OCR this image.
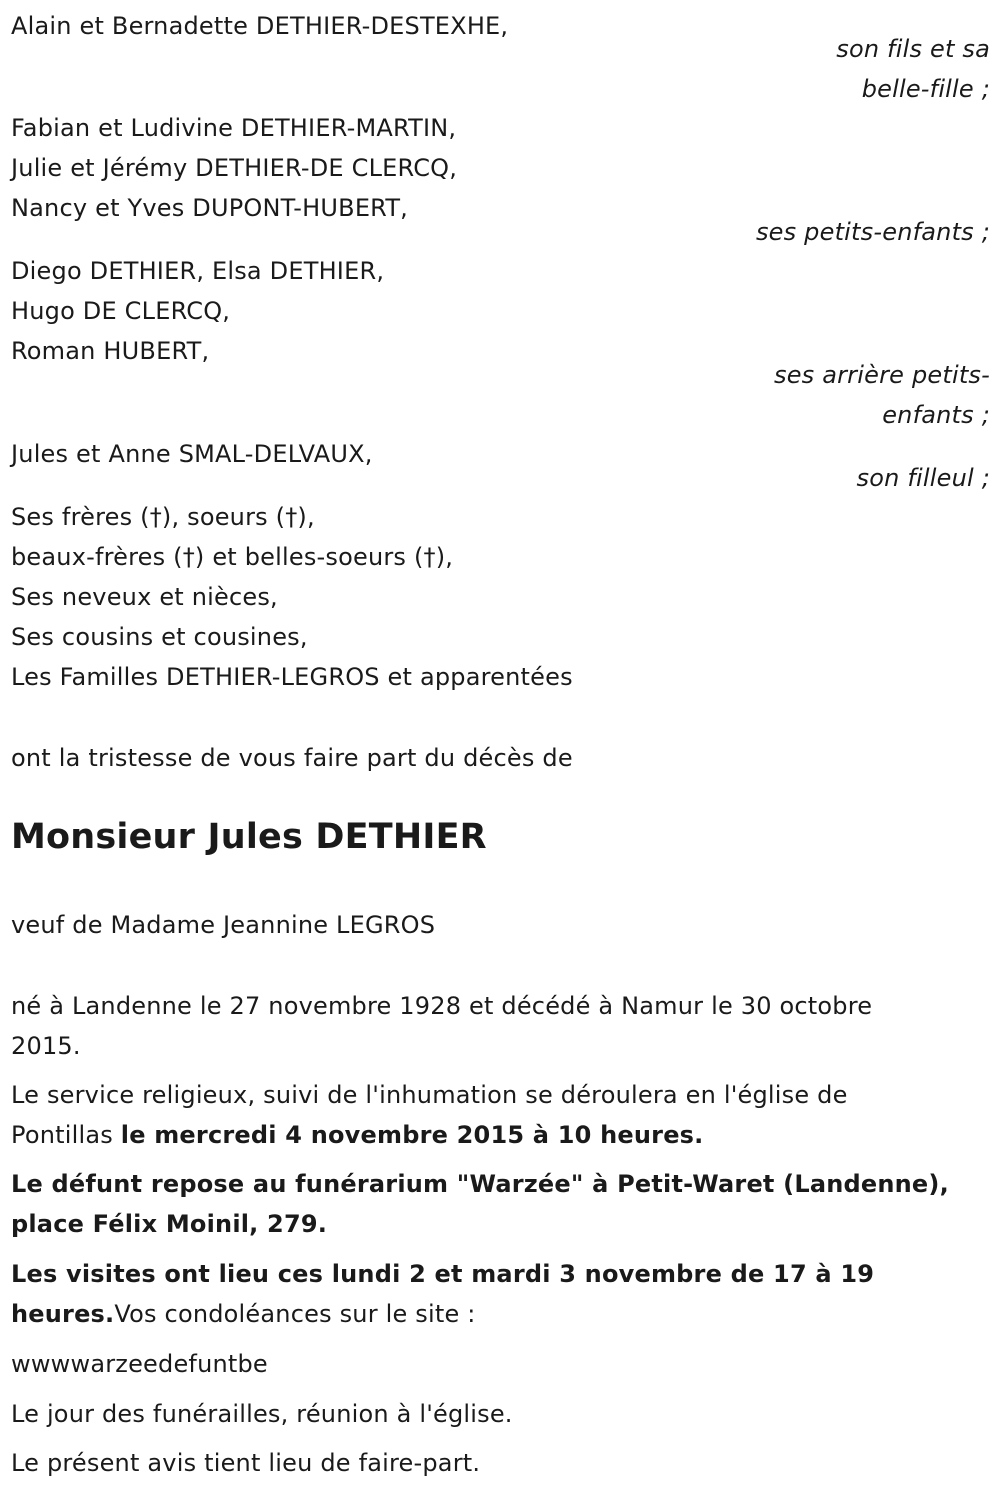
Alain et Bernadette DETHIER-DESTEXHE,
son fils et sa
belle-fille ;
Fabian et Ludivine DETHIER-MARTIN,
Julie et Jérémy DETHIER-DE CLERCQ,
Nancy et Yves DUPONT-HUBERT,
ses petits-enfants ;
Diego DETHIER, Elsa DETHIER,
Hugo DE CLERCQ,
Roman HUBERT,
ses arrière petits-
enfants ;
Jules et Anne SMAL-DELVAUX,
son filleul ;
Ses frères (†), soeurs (†),
beaux-frères (†) et belles-soeurs (†),
Ses neveux et nièces,
Ses cousins et cousines,
Les Familles DETHIER-LEGROS et apparentées
ont la tristesse de vous faire part du décès de
Monsieur Jules DETHIER
veuf de Madame Jeannine LEGROS
né à Landenne le 27 novembre 1928 et décédé à Namur le 30 octobre
2015.
Le service religieux, suivi de l'inhumation se déroulera en l'église de
Pontillas le mercredi 4 novembre 2015 à 10 heures.
Le défunt repose au funérarium "Warzée" à Petit-Waret (Landenne),
place Félix Moinil, 279.
Les visites ont lieu ces lundi 2 et mardi 3 novembre de 17 à 19
heures.Vos condoléances sur le site :
wwwwarzeedefuntbe
Le jour des funérailles, réunion à l'église.
Le présent avis tient lieu de faire-part.
